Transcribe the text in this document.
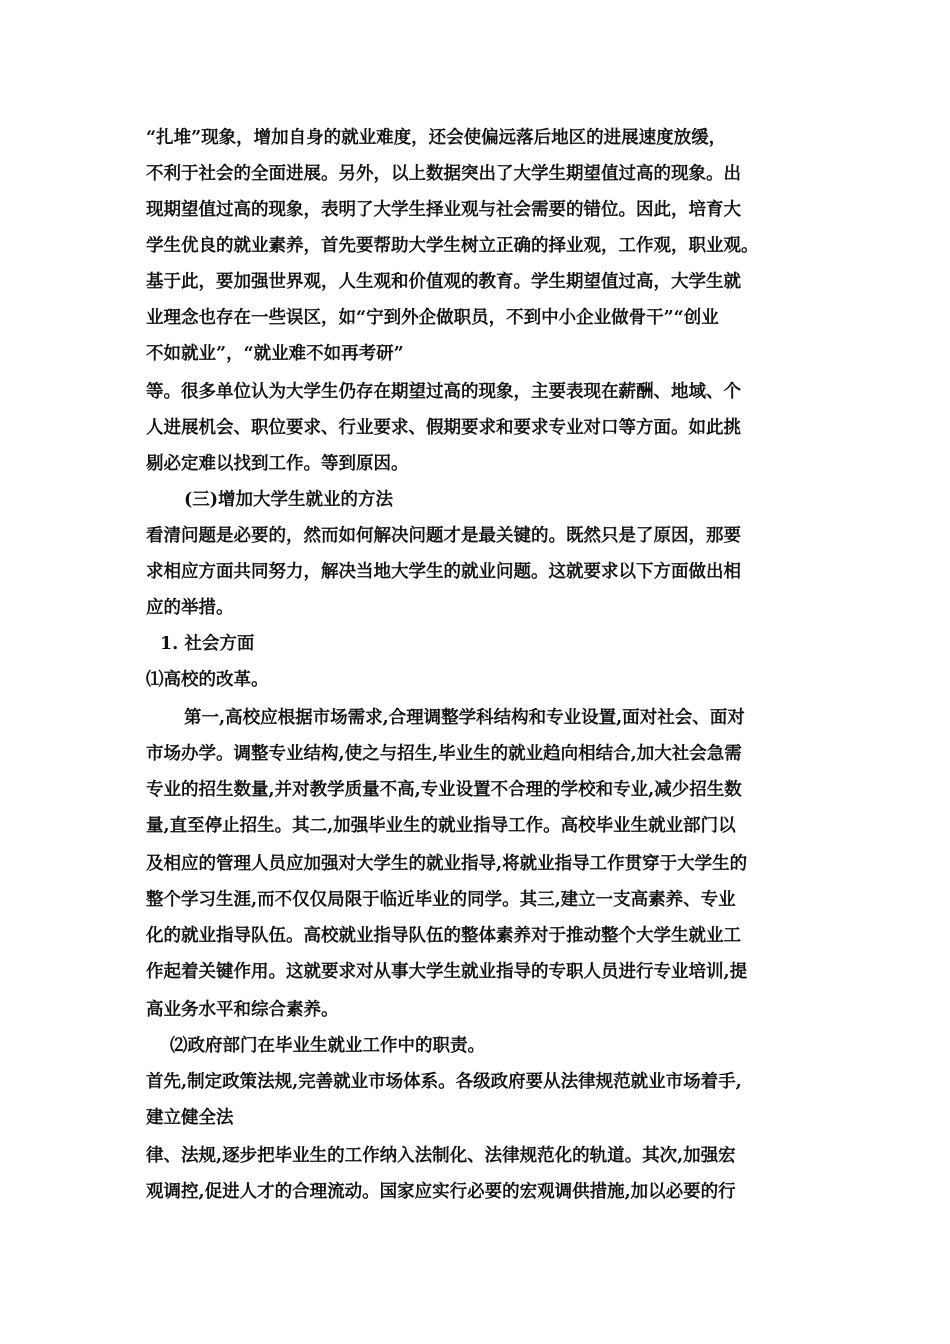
“扎堆”现象，增加自身的就业难度，还会使偏远落后地区的进展速度放缓，
不利于社会的全面进展。另外，以上数据突出了大学生期望值过高的现象。出
现期望值过高的现象，表明了大学生择业观与社会需要的错位。因此，培育大
学生优良的就业素养，首先要帮助大学生树立正确的择业观，工作观，职业观。
基于此，要加强世界观，人生观和价值观的教育。学生期望值过高，大学生就
业理念也存在一些误区，如“宁到外企做职员，不到中小企业做骨干”“创业
不如就业”，“就业难不如再考研”
等。很多单位认为大学生仍存在期望过高的现象，主要表现在薪酬、地域、个
人进展机会、职位要求、行业要求、假期要求和要求专业对口等方面。如此挑
剔必定难以找到工作。等到原因。
(三)增加大学生就业的方法
看清问题是必要的，然而如何解决问题才是最关键的。既然只是了原因，那要
求相应方面共同努力，解决当地大学生的就业问题。这就要求以下方面做出相
应的举措。
1. 社会方面
⑴高校的改革。
第一,高校应根据市场需求,合理调整学科结构和专业设置,面对社会、面对
市场办学。调整专业结构,使之与招生,毕业生的就业趋向相结合,加大社会急需
专业的招生数量,并对教学质量不高,专业设置不合理的学校和专业,减少招生数
量,直至停止招生。其二,加强毕业生的就业指导工作。高校毕业生就业部门以
及相应的管理人员应加强对大学生的就业指导,将就业指导工作贯穿于大学生的
整个学习生涯,而不仅仅局限于临近毕业的同学。其三,建立一支高素养、专业
化的就业指导队伍。高校就业指导队伍的整体素养对于推动整个大学生就业工
作起着关键作用。这就要求对从事大学生就业指导的专职人员进行专业培训,提
高业务水平和综合素养。
⑵政府部门在毕业生就业工作中的职责。
首先,制定政策法规,完善就业市场体系。各级政府要从法律规范就业市场着手,
建立健全法
律、法规,逐步把毕业生的工作纳入法制化、法律规范化的轨道。其次,加强宏
观调控,促进人才的合理流动。国家应实行必要的宏观调供措施,加以必要的行
